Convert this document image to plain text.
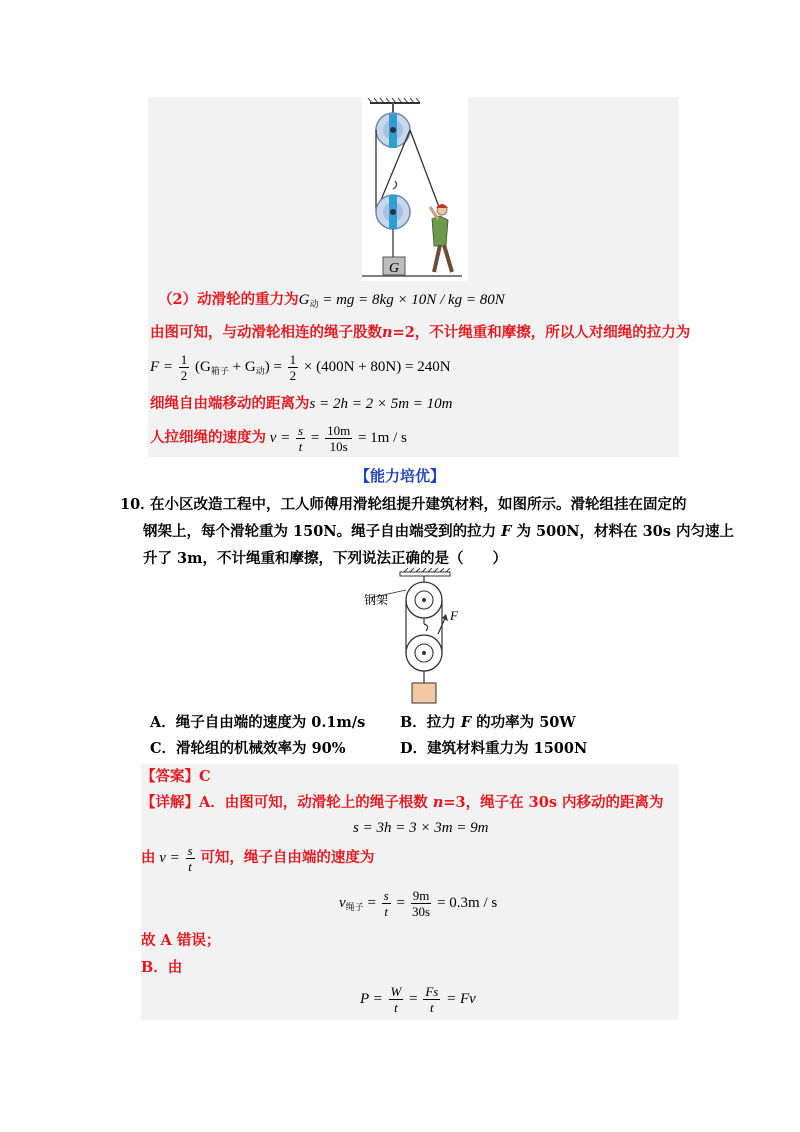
G
（2）动滑轮的重力为$G_动$ = mg = 8kg × 10N / kg = 80N
由图可知，与动滑轮相连的绳子股数n=2，不计绳重和摩擦，所以人对细绳的拉力为
$F = \frac{1}{2} (G_{箱子} + G_动) = \frac{1}{2} \times (400N + 80N) = 240N$
细绳自由端移动的距离为s = 2h = 2 × 5m = 10m
人拉细绳的速度为 $v = \frac{s}{t} = \frac{10m}{10s} = 1m / s$
【能力培优】
10．
在小区改造工程中，工人师傅用滑轮组提升建筑材料，如图所示。滑轮组挂在固定的
钢架上，每个滑轮重为 150N。绳子自由端受到的拉力 F 为 500N，材料在 30s 内匀速上
升了 3m，不计绳重和摩擦，下列说法正确的是（　　）
F
钢架
A．绳子自由端的速度为 0.1m/s B．拉力 F 的功率为 50W
C．滑轮组的机械效率为 90%	D．建筑材料重力为 1500N
【答案】C
【详解】A．由图可知，动滑轮上的绳子根数 n=3，绳子在 30s 内移动的距离为
s = 3h = 3 × 3m = 9m
由 $v = \frac{s}{t}$ 可知，绳子自由端的速度为
$v_{绳子} = \frac{s}{t} = \frac{9m}{30s} = 0.3m / s$
故 A 错误；
B．由
$P = \frac{W}{t} = \frac{Fs}{t} = Fv$
